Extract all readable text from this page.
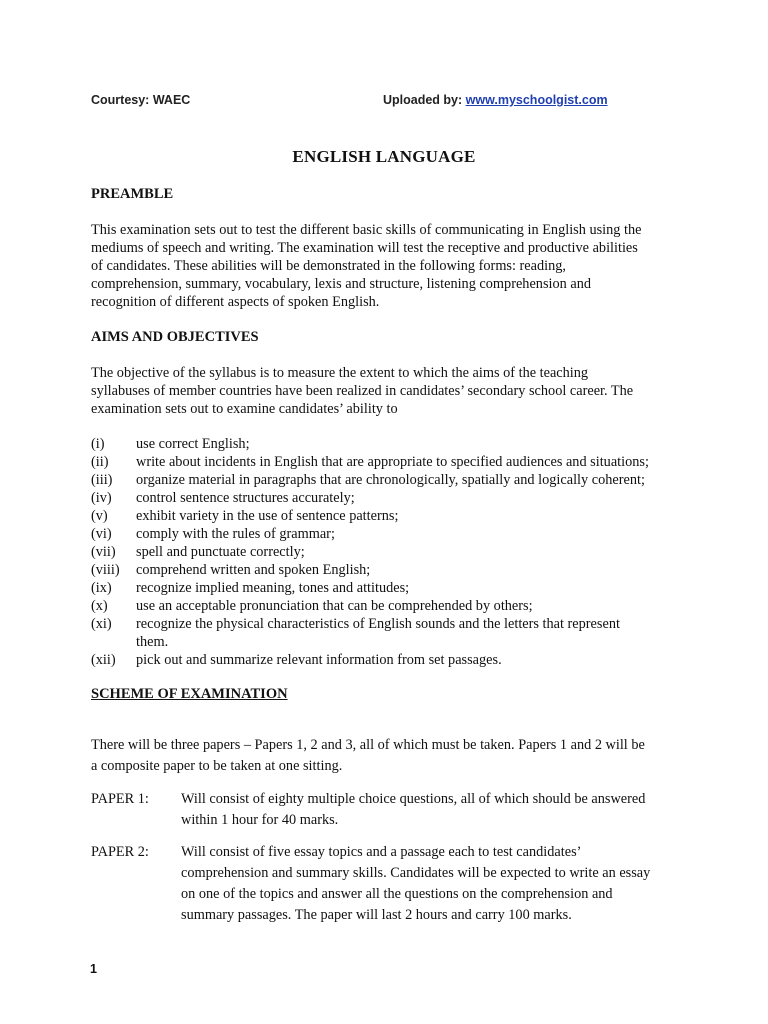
Courtesy: WAEC	Uploaded by: www.myschoolgist.com
ENGLISH LANGUAGE
PREAMBLE
This examination sets out to test the different basic skills of communicating in English using the
mediums of speech and writing. The examination will test the receptive and productive abilities
of candidates. These abilities will be demonstrated in the following forms: reading,
comprehension, summary, vocabulary, lexis and structure, listening comprehension and
recognition of different aspects of spoken English.
AIMS AND OBJECTIVES
The objective of the syllabus is to measure the extent to which the aims of the teaching
syllabuses of member countries have been realized in candidates’ secondary school career. The
examination sets out to examine candidates’ ability to
(i)	use correct English;
(ii)	write about incidents in English that are appropriate to specified audiences and situations;
(iii)	organize material in paragraphs that are chronologically, spatially and logically coherent;
(iv)	control sentence structures accurately;
(v)	exhibit variety in the use of sentence patterns;
(vi)	comply with the rules of grammar;
(vii)	spell and punctuate correctly;
(viii)	comprehend written and spoken English;
(ix)	recognize implied meaning, tones and attitudes;
(x)	use an acceptable pronunciation that can be comprehended by others;
(xi)	recognize the physical characteristics of English sounds and the letters that represent
them.
(xii)	pick out and summarize relevant information from set passages.
SCHEME OF EXAMINATION
There will be three papers – Papers 1, 2 and 3, all of which must be taken. Papers 1 and 2 will be
a composite paper to be taken at one sitting.
PAPER 1:	Will consist of eighty multiple choice questions, all of which should be answered
within 1 hour for 40 marks.
PAPER 2:	Will consist of five essay topics and a passage each to test candidates’
comprehension and summary skills. Candidates will be expected to write an essay
on one of the topics and answer all the questions on the comprehension and
summary passages. The paper will last 2 hours and carry 100 marks.
1
